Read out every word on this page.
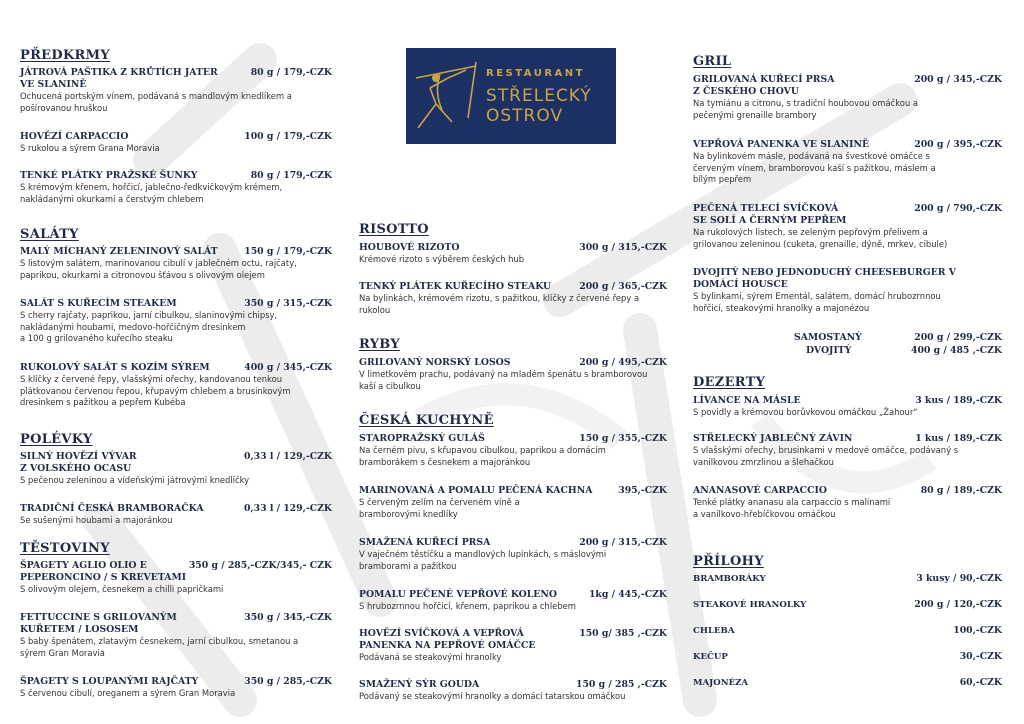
RESTAURANT
STŘELECKÝ
OSTROV
PŘEDKRMY
JÁTROVÁ PAŠTIKA Z KRŮTÍCH JATER
VE SLANINĚ
80 g / 179,-CZK
Ochucená portským vínem, podávaná s mandlovým knedlíkem a
pošírovanou hruškou
HOVĚZÍ CARPACCIO	100 g / 179,-CZK
S rukolou a sýrem Grana Moravia
TENKÉ PLÁTKY PRAŽSKÉ ŠUNKY	80 g / 179,-CZK
S krémovým křenem, hořčicí, jablečno-ředkvičkovým krémem,
nakládanými okurkami a čerstvým chlebem
SALÁTY
MALÝ MÍCHANÝ ZELENINOVÝ SALÁT	150 g / 179,-CZK
S listovým salátem, marinovanou cibulí v jablečném octu, rajčaty,
paprikou, okurkami a citronovou šťávou s olivovým olejem
SALÁT S KUŘECÍM STEAKEM	350 g / 315,-CZK
S cherry rajčaty, paprikou, jarní cibulkou, slaninovými chipsy,
nakládanými houbami, medovo-hořčičným dresinkem
a 100 g grilovaného kuřecího steaku
RUKOLOVÝ SALÁT S KOZÍM SÝREM	400 g / 345,-CZK
S klíčky z červené řepy, vlašskými ořechy, kandovanou tenkou
plátkovanou červenou řepou, křupavým chlebem a brusinkovým
dresinkem s pažitkou a pepřem Kubéba
POLÉVKY
SILNÝ HOVĚZÍ VÝVAR
Z VOLSKÉHO OCASU
0,33 l / 129,-CZK
S pečenou zeleninou a vídeňskými játrovými knedlíčky
TRADIČNÍ ČESKÁ BRAMBORAČKA	0,33 l / 129,-CZK
Se sušenými houbami a majoránkou
TĚSTOVINY
ŠPAGETY AGLIO OLIO E
PEPERONCINO / S KREVETAMI
350 g / 285,-CZK/345,- CZK
S olivovým olejem, česnekem a chilli papričkami
FETTUCCINE S GRILOVANÝM
KUŘETEM / LOSOSEM
350 g / 345,-CZK
S baby špenátem, zlatavým česnekem, jarní cibulkou, smetanou a
sýrem Gran Moravia
ŠPAGETY S LOUPANÝMI RAJČATY	350 g / 285,-CZK
S červenou cibulí, oreganem a sýrem Gran Moravia
RISOTTO
HOUBOVÉ RIZOTO	300 g / 315,-CZK
Krémové rizoto s výběrem českých hub
TENKÝ PLÁTEK KUŘECÍHO STEAKU	200 g / 365,-CZK
Na bylinkách, krémovém rizotu, s pažitkou, klíčky z červené řepy a
rukolou
RYBY
GRILOVANÝ NORSKÝ LOSOS	200 g / 495,-CZK
V limetkovém prachu, podávaný na mladém špenátu s bramborovou
kaší a cibulkou
ČESKÁ KUCHYNĚ
STAROPRAŽSKÝ GULÁŠ	150 g / 355,-CZK
Na černém pivu, s křupavou cibulkou, paprikou a domácím
bramborákem s česnekem a majoránkou
MARINOVANÁ A POMALU PEČENÁ KACHNA	395,-CZK
S červeným zelím na červeném víně a
bramborovými knedlíky
SMAŽENÁ KUŘECÍ PRSA	200 g / 315,-CZK
V vaječném těstíčku a mandlových lupínkách, s máslovými
bramborami a pažitkou
POMALU PEČENÉ VEPŘOVÉ KOLENO	1kg / 445,-CZK
S hrubozrnnou hořčicí, křenem, paprikou a chlebem
HOVĚZÍ SVÍČKOVÁ A VEPŘOVÁ
PANENKA NA PEPŘOVÉ OMÁČCE
150 g/ 385 ,-CZK
Podávaná se steakovými hranolky
SMAŽENÝ SÝR GOUDA	150 g / 285 ,-CZK
Podávaný se steakovými hranolky a domácí tatarskou omáčkou
GRIL
GRILOVANÁ KUŘECÍ PRSA
Z ČESKÉHO CHOVU
200 g / 345,-CZK
Na tymiánu a citronu, s tradiční houbovou omáčkou a
pečenými grenaille brambory
VEPŘOVÁ PANENKA VE SLANINĚ	200 g / 395,-CZK
Na bylinkovém másle, podávaná na švestkové omáčce s
červeným vínem, bramborovou kaší s pažitkou, máslem a
bílým pepřem
PEČENÁ TELECÍ SVÍČKOVÁ
SE SOLÍ A ČERNÝM PEPŘEM
200 g / 790,-CZK
Na rukolových listech, se zeleným pepřovým přelivem a
grilovanou zeleninou (cuketa, grenaille, dýně, mrkev, cibule)
DVOJITÝ NEBO JEDNODUCHÝ CHEESEBURGER V
DOMÁCÍ HOUSCE
S bylinkami, sýrem Ementál, salátem, domácí hrubozrnnou
hořčicí, steakovými hranolky a majonézou
SAMOSTANÝ	200 g / 299,-CZK
DVOJITÝ	400 g / 485 ,-CZK
DEZERTY
LÍVANCE NA MÁSLE	3 kus / 189,-CZK
S povidly a krémovou borůvkovou omáčkou „Žahour“
STŘELECKÝ JABLEČNÝ ZÁVIN	1 kus / 189,-CZK
S vlašskými ořechy, brusinkami v medové omáčce, podávaný s
vanilkovou zmrzlinou a šlehačkou
ANANASOVÉ CARPACCIO	80 g / 189,-CZK
Tenké plátky ananasu ala carpaccio s malinami
a vanilkovo-hřebíčkovou omáčkou
PŘÍLOHY
BRAMBORÁKY	3 kusy / 90,-CZK
STEAKOVÉ HRANOLKY	200 g / 120,-CZK
CHLEBA	100,-CZK
KEČUP	30,-CZK
MAJONÉZA	60,-CZK
